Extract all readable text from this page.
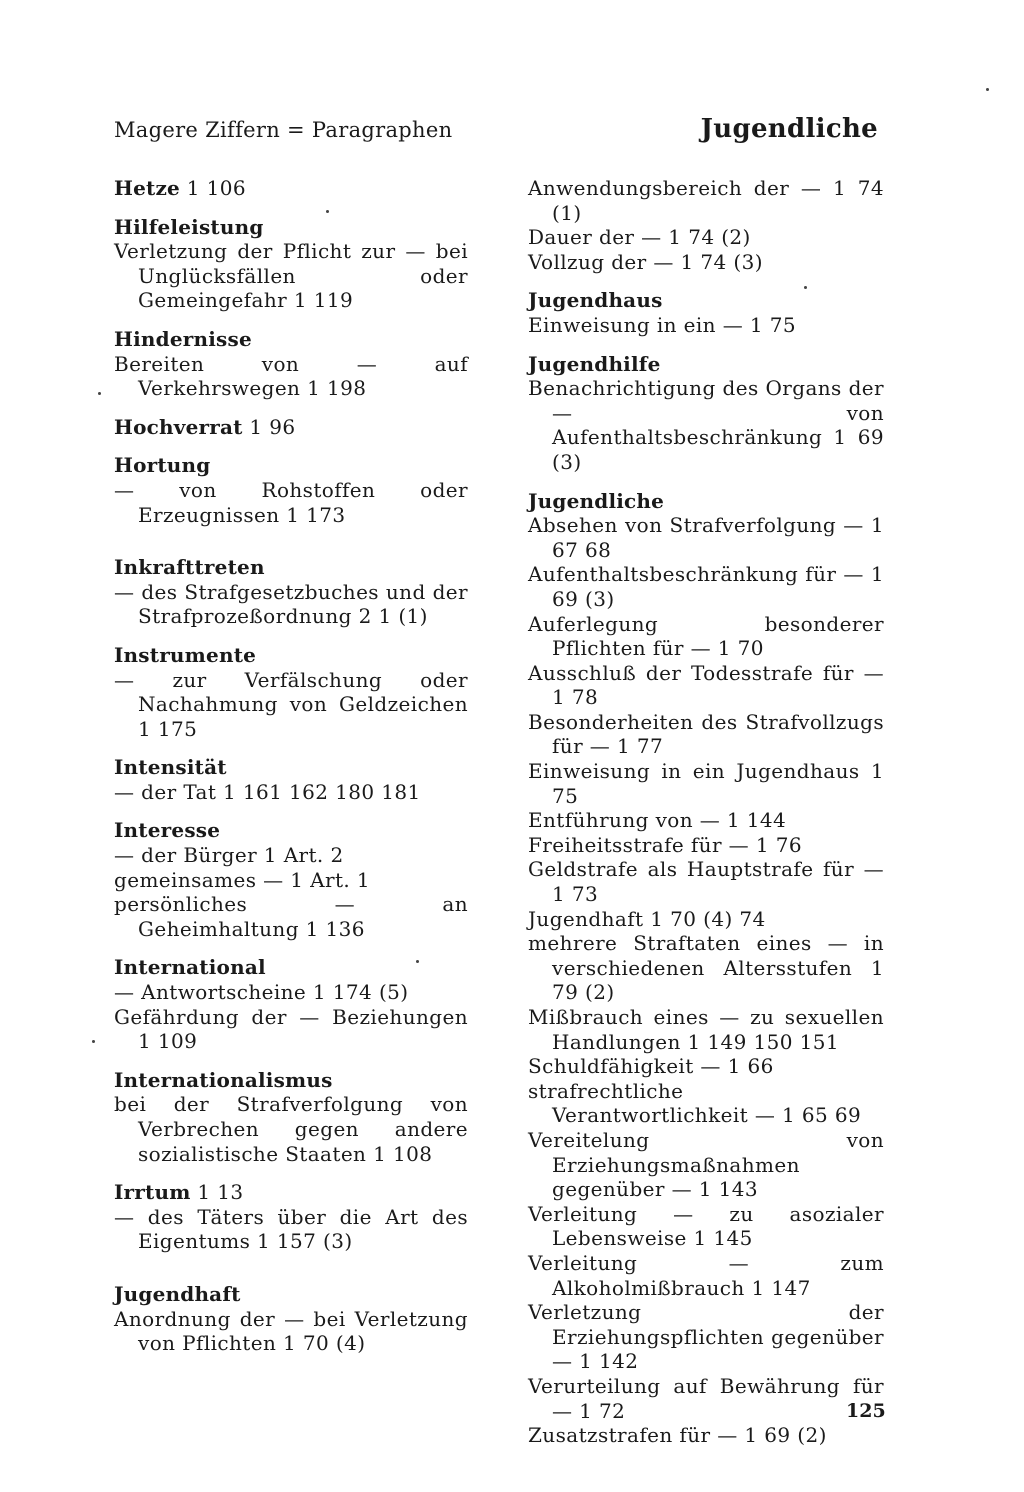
Magere Ziffern = Paragraphen	Jugendliche
Hetze 1 106
Hilfeleistung
Verletzung der Pflicht zur — bei Unglücksfällen oder Gemeingefahr 1 119
Hindernisse
Bereiten von — auf Verkehrswegen 1 198
Hochverrat 1 96
Hortung
— von Rohstoffen oder Erzeugnissen 1 173
Inkrafttreten
— des Strafgesetzbuches und der Strafprozeßordnung 2 1 (1)
Instrumente
— zur Verfälschung oder Nachahmung von Geldzeichen 1 175
Intensität
— der Tat 1 161 162 180 181
Interesse
— der Bürger 1 Art. 2
gemeinsames — 1 Art. 1
persönliches — an Geheimhaltung 1 136
International
— Antwortscheine 1 174 (5)
Gefährdung der — Beziehungen 1 109
Internationalismus
bei der Strafverfolgung von Verbrechen gegen andere sozialistische Staaten 1 108
Irrtum 1 13
— des Täters über die Art des Eigentums 1 157 (3)
Jugendhaft
Anordnung der — bei Verletzung von Pflichten 1 70 (4)
Anwendungsbereich der — 1 74 (1)
Dauer der — 1 74 (2)
Vollzug der — 1 74 (3)
Jugendhaus
Einweisung in ein — 1 75
Jugendhilfe
Benachrichtigung des Organs der — von Aufenthaltsbeschränkung 1 69 (3)
Jugendliche
Absehen von Strafverfolgung — 1 67 68
Aufenthaltsbeschränkung für — 1 69 (3)
Auferlegung besonderer Pflichten für — 1 70
Ausschluß der Todesstrafe für — 1 78
Besonderheiten des Strafvollzugs für — 1 77
Einweisung in ein Jugendhaus 1 75
Entführung von — 1 144
Freiheitsstrafe für — 1 76
Geldstrafe als Hauptstrafe für — 1 73
Jugendhaft 1 70 (4) 74
mehrere Straftaten eines — in verschiedenen Altersstufen 1 79 (2)
Mißbrauch eines — zu sexuellen Handlungen 1 149 150 151
Schuldfähigkeit — 1 66
strafrechtliche Verantwortlichkeit — 1 65 69
Vereitelung von Erziehungsmaßnahmen gegenüber — 1 143
Verleitung — zu asozialer Lebensweise 1 145
Verleitung — zum Alkoholmißbrauch 1 147
Verletzung der Erziehungspflichten gegenüber — 1 142
Verurteilung auf Bewährung für — 1 72
Zusatzstrafen für — 1 69 (2)
125
